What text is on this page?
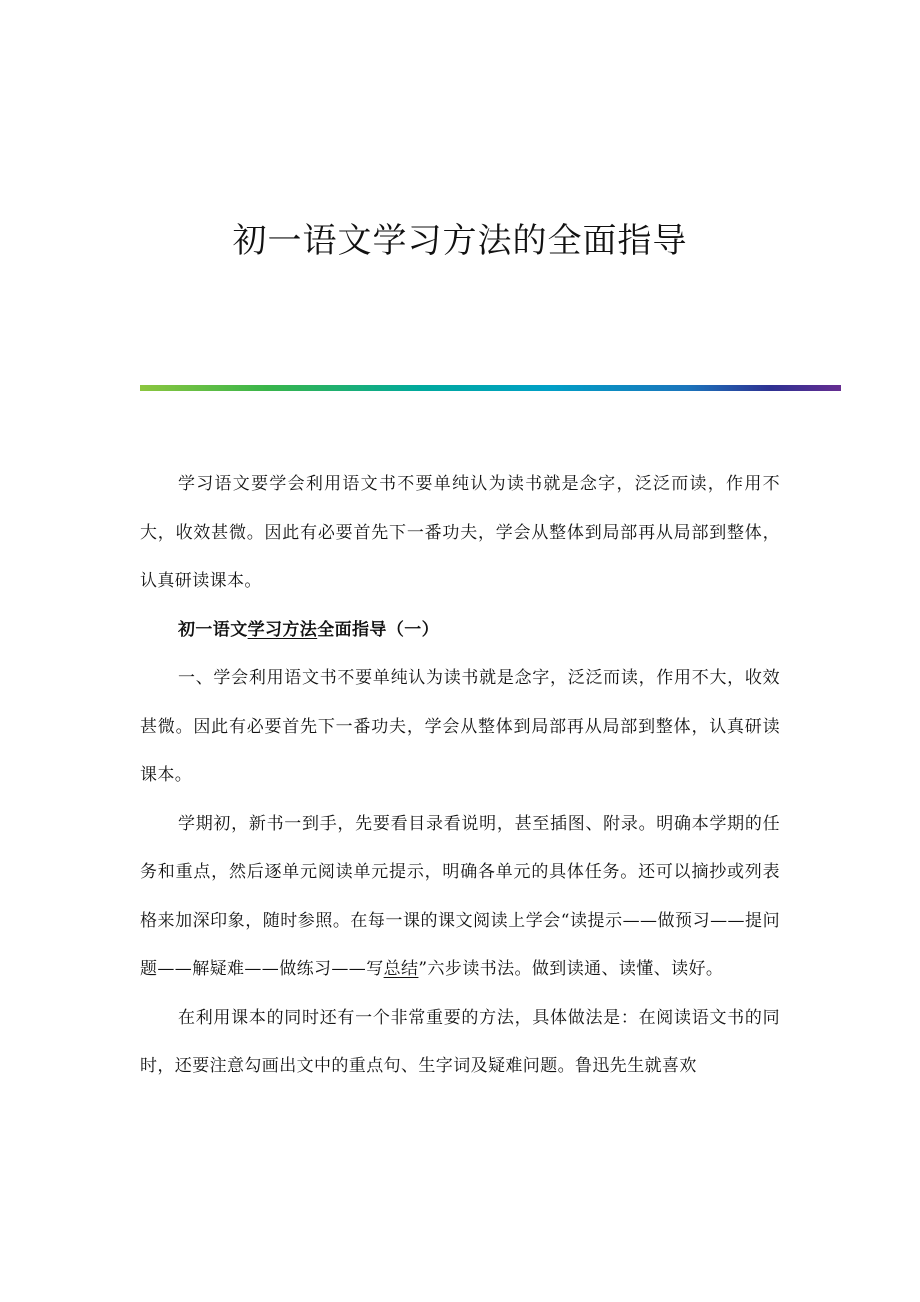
初一语文学习方法的全面指导

学习语文要学会利用语文书不要单纯认为读书就是念字，泛泛而读，作用不大，收效甚微。因此有必要首先下一番功夫，学会从整体到局部再从局部到整体，认真研读课本。

初一语文学习方法全面指导（一）

一、学会利用语文书不要单纯认为读书就是念字，泛泛而读，作用不大，收效甚微。因此有必要首先下一番功夫，学会从整体到局部再从局部到整体，认真研读课本。

学期初，新书一到手，先要看目录看说明，甚至插图、附录。明确本学期的任务和重点，然后逐单元阅读单元提示，明确各单元的具体任务。还可以摘抄或列表格来加深印象，随时参照。在每一课的课文阅读上学会“读提示——做预习——提问题——解疑难——做练习——写总结”六步读书法。做到读通、读懂、读好。

在利用课本的同时还有一个非常重要的方法，具体做法是：在阅读语文书的同时，还要注意勾画出文中的重点句、生字词及疑难问题。鲁迅先生就喜欢
